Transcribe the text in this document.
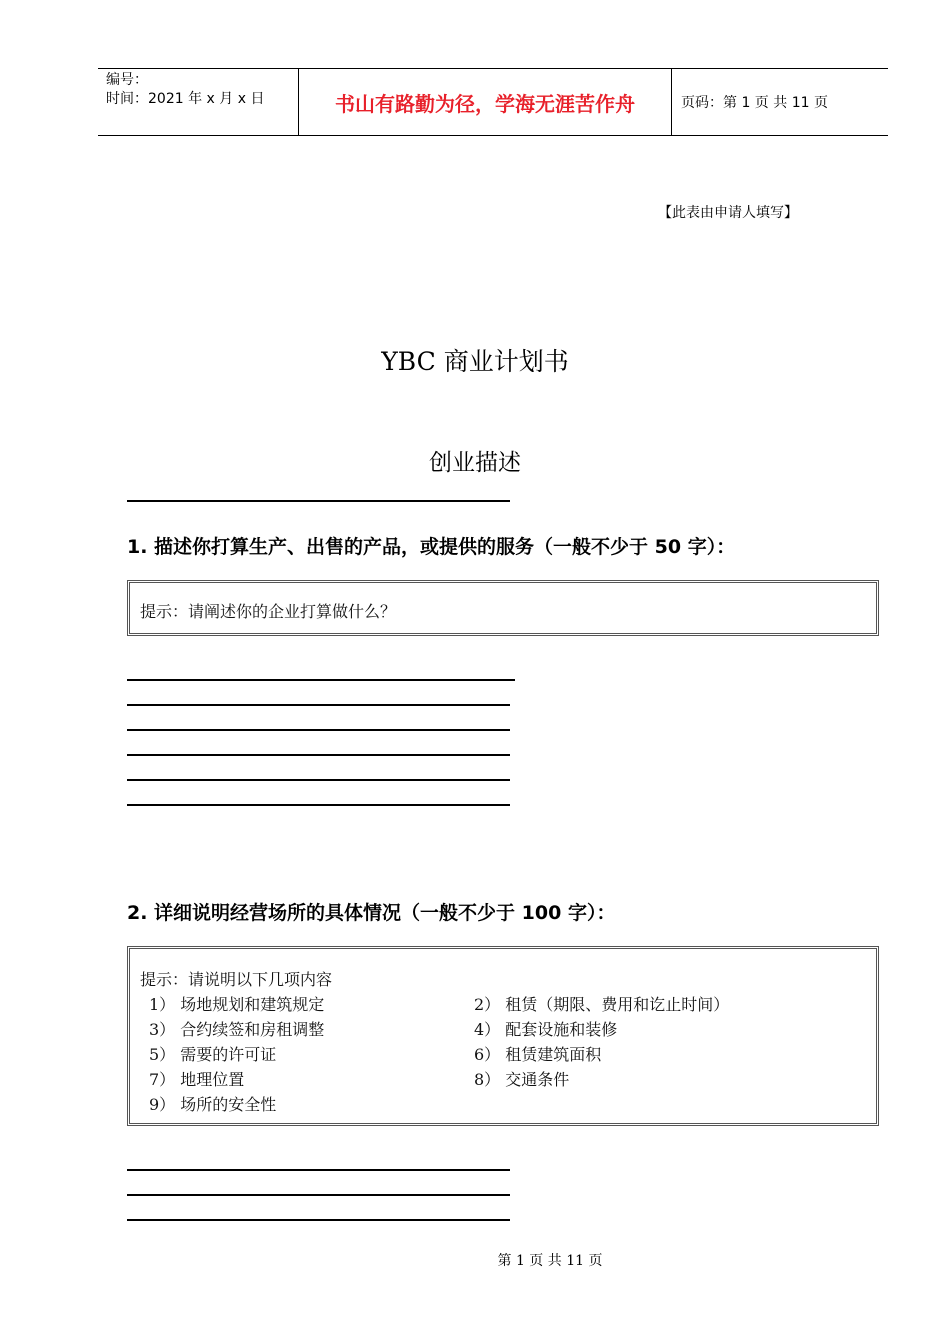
编号：
时间：2021 年 x 月 x 日	书山有路勤为径，学海无涯苦作舟	页码：第 1 页 共 11 页
【此表由申请人填写】
YBC 商业计划书
创业描述
1. 描述你打算生产、出售的产品，或提供的服务（一般不少于 50 字）：
提示：请阐述你的企业打算做什么？
2. 详细说明经营场所的具体情况（一般不少于 100 字）：
提示：请说明以下几项内容
1） 场地规划和建筑规定	2） 租赁（期限、费用和讫止时间）
3） 合约续签和房租调整	4） 配套设施和装修
5） 需要的许可证	6） 租赁建筑面积
7） 地理位置	8） 交通条件
9） 场所的安全性
第 1 页 共 11 页
